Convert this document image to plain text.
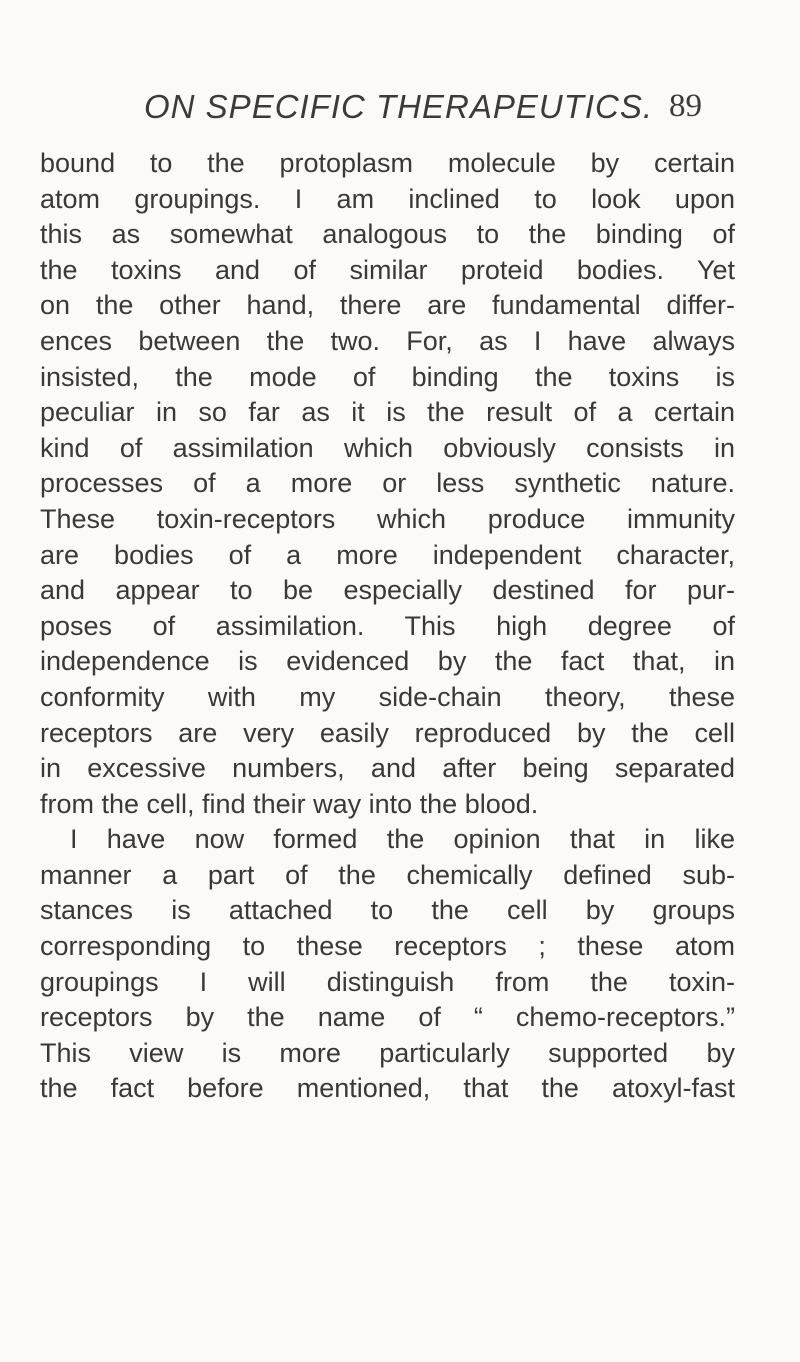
ON SPECIFIC THERAPEUTICS. 89
bound to the protoplasm molecule by certain
atom groupings. I am inclined to look upon
this as somewhat analogous to the binding of
the toxins and of similar proteid bodies. Yet
on the other hand, there are fundamental differ-
ences between the two. For, as I have always
insisted, the mode of binding the toxins is
peculiar in so far as it is the result of a certain
kind of assimilation which obviously consists in
processes of a more or less synthetic nature.
These toxin-receptors which produce immunity
are bodies of a more independent character,
and appear to be especially destined for pur-
poses of assimilation. This high degree of
independence is evidenced by the fact that, in
conformity with my side-chain theory, these
receptors are very easily reproduced by the cell
in excessive numbers, and after being separated
from the cell, find their way into the blood.
I have now formed the opinion that in like
manner a part of the chemically defined sub-
stances is attached to the cell by groups
corresponding to these receptors ; these atom
groupings I will distinguish from the toxin-
receptors by the name of “ chemo-receptors.”
This view is more particularly supported by
the fact before mentioned, that the atoxyl-fast
